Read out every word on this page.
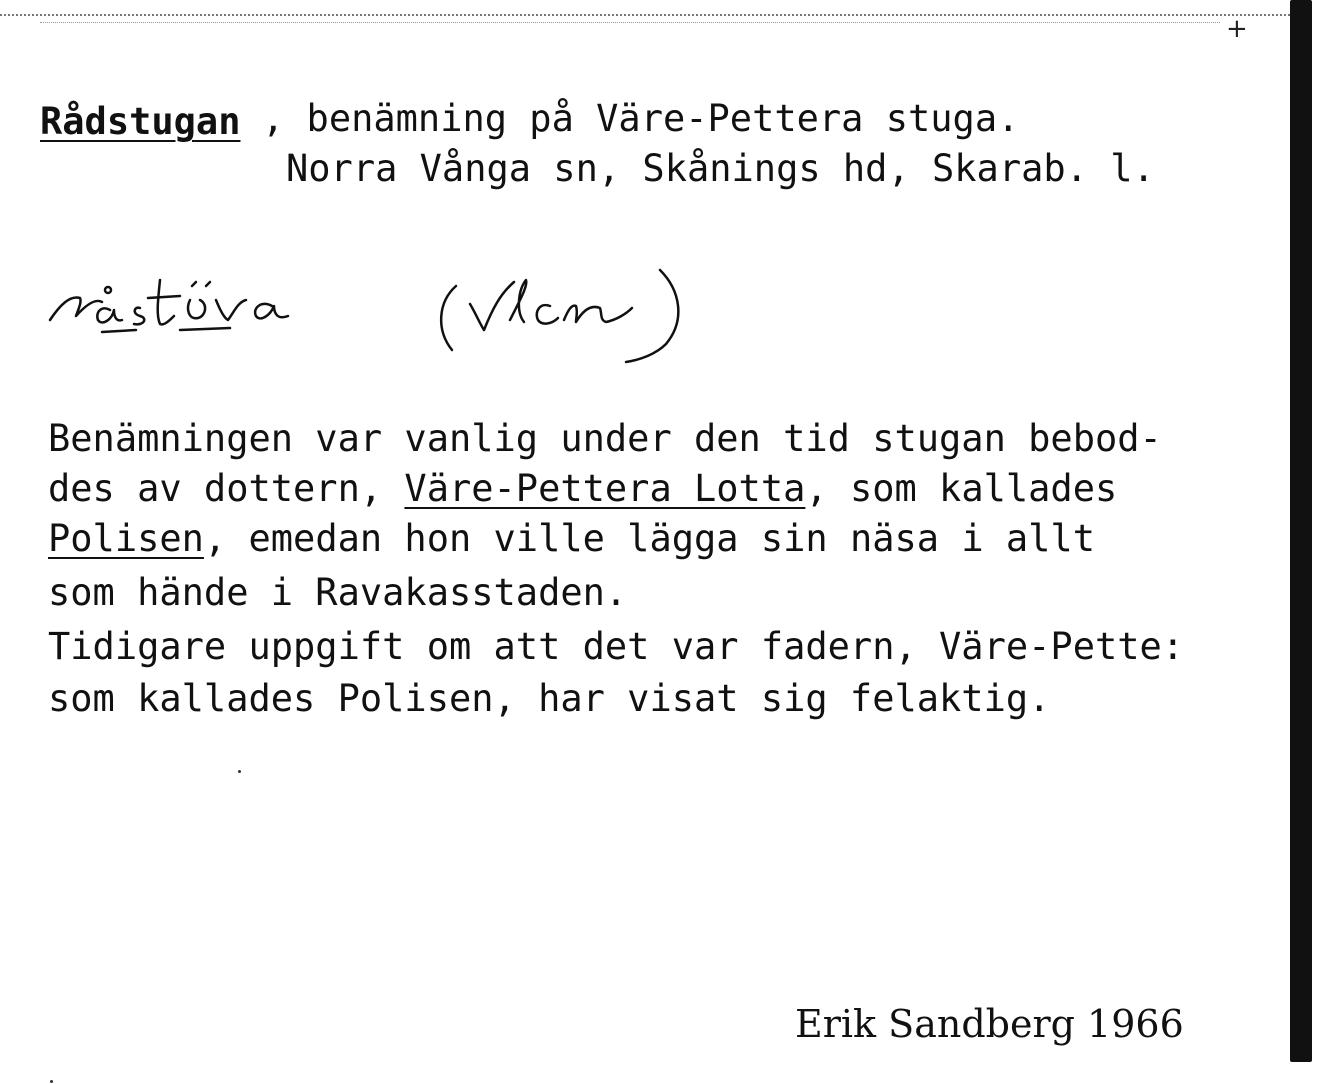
+
Rådstugan , benämning på Väre-Pettera stuga.
Norra Vånga sn, Skånings hd, Skarab. l.
Benämningen var vanlig under den tid stugan bebod-
des av dottern, Väre-Pettera Lotta, som kallades
Polisen, emedan hon ville lägga sin näsa i allt
som hände i Ravakasstaden.
Tidigare uppgift om att det var fadern, Väre-Pette:
som kallades Polisen, har visat sig felaktig.
Erik Sandberg 1966
